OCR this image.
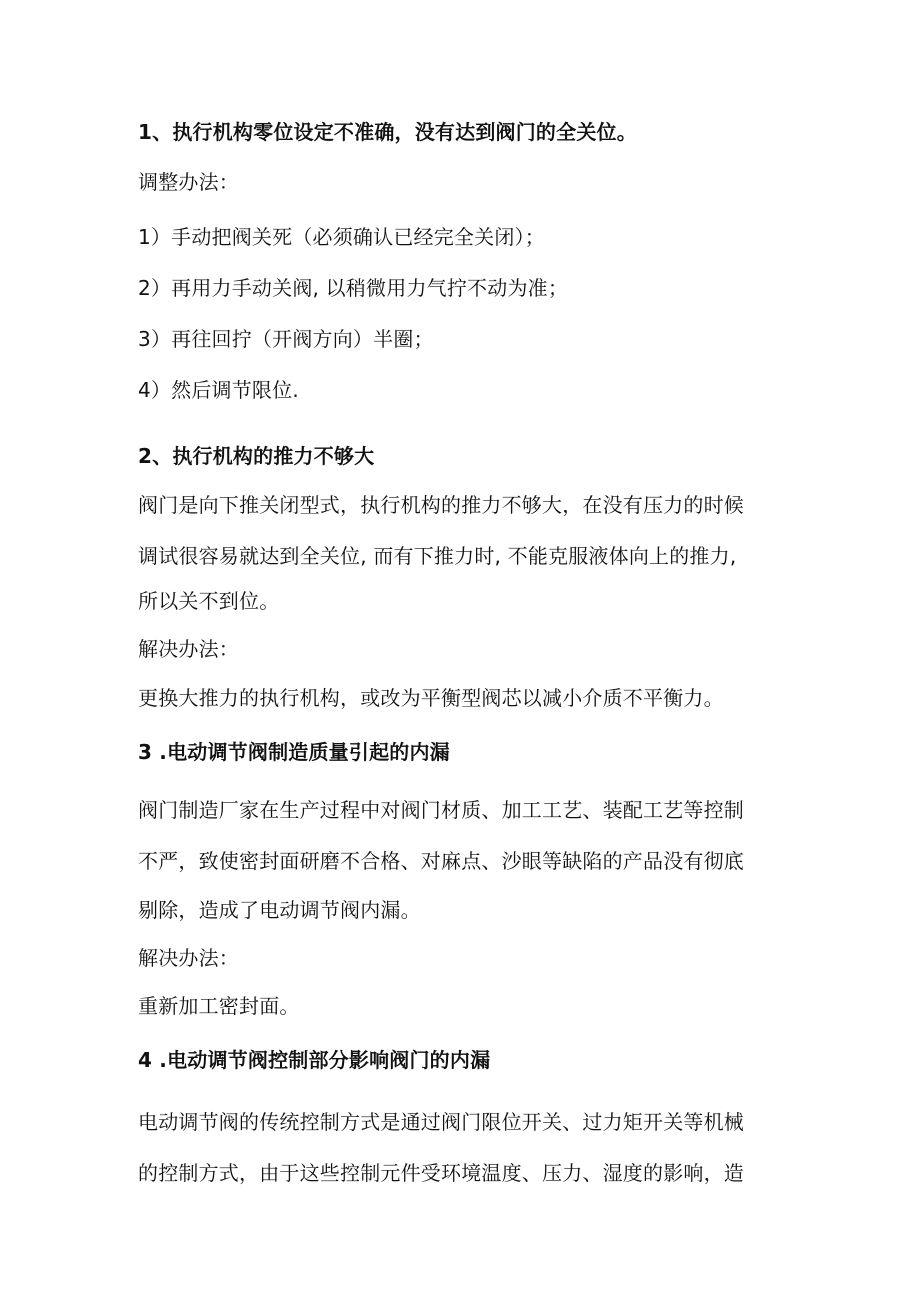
1、执行机构零位设定不准确，没有达到阀门的全关位。
调整办法：
1）手动把阀关死（必须确认已经完全关闭）；
2）再用力手动关阀, 以稍微用力气拧不动为准；
3）再往回拧（开阀方向）半圈；
4）然后调节限位.
2、执行机构的推力不够大
阀门是向下推关闭型式，执行机构的推力不够大，在没有压力的时候
调试很容易就达到全关位, 而有下推力时, 不能克服液体向上的推力,
所以关不到位。
解决办法：
更换大推力的执行机构，或改为平衡型阀芯以减小介质不平衡力。
3 .电动调节阀制造质量引起的内漏
阀门制造厂家在生产过程中对阀门材质、加工工艺、装配工艺等控制
不严，致使密封面研磨不合格、对麻点、沙眼等缺陷的产品没有彻底
剔除，造成了电动调节阀内漏。
解决办法：
重新加工密封面。
4 .电动调节阀控制部分影响阀门的内漏
电动调节阀的传统控制方式是通过阀门限位开关、过力矩开关等机械
的控制方式，由于这些控制元件受环境温度、压力、湿度的影响，造
